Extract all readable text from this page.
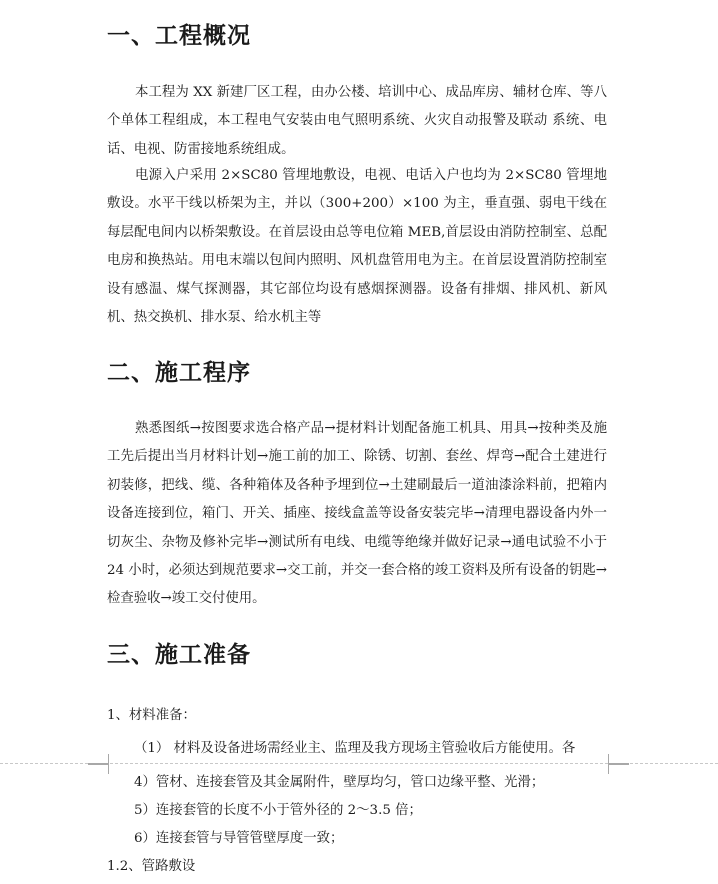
一、工程概况

本工程为 XX 新建厂区工程，由办公楼、培训中心、成品库房、辅材仓库、等八个单体工程组成，本工程电气安装由电气照明系统、火灾自动报警及联动 系统、电话、电视、防雷接地系统组成。

电源入户采用 2×SC80 管埋地敷设，电视、电话入户也均为 2×SC80 管埋地敷设。水平干线以桥架为主，并以（300+200）×100 为主，垂直强、弱电干线在每层配电间内以桥架敷设。在首层设由总等电位箱 MEB,首层设由消防控制室、总配电房和换热站。用电末端以包间内照明、风机盘管用电为主。在首层设置消防控制室设有感温、煤气探测器，其它部位均设有感烟探测器。设备有排烟、排风机、新风机、热交换机、排水泵、给水机主等

二、施工程序

熟悉图纸→按图要求选合格产品→提材料计划配备施工机具、用具→按种类及施工先后提出当月材料计划→施工前的加工、除锈、切割、套丝、焊弯→配合土建进行初装修，把线、缆、各种箱体及各种予埋到位→土建刷最后一道油漆涂料前，把箱内设备连接到位，箱门、开关、插座、接线盒盖等设备安装完毕→清理电器设备内外一切灰尘、杂物及修补完毕→测试所有电线、电缆等绝缘并做好记录→通电试验不小于 24 小时，必须达到规范要求→交工前，并交一套合格的竣工资料及所有设备的钥匙→检查验收→竣工交付使用。

三、施工准备

1、材料准备：

（1） 材料及设备进场需经业主、监理及我方现场主管验收后方能使用。各

4）管材、连接套管及其金属附件，壁厚均匀，管口边缘平整、光滑；

5）连接套管的长度不小于管外径的 2～3.5 倍；

6）连接套管与导管管壁厚度一致；

1.2、管路敷设
